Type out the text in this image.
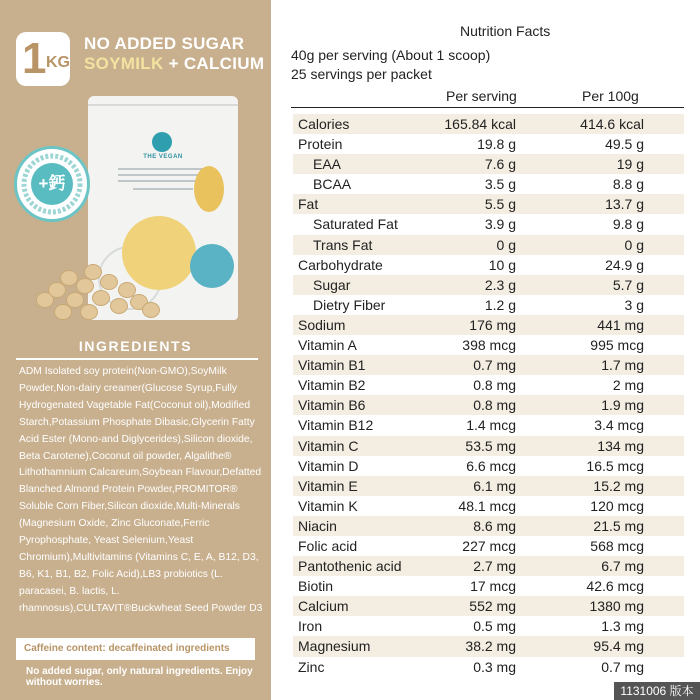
1 KG
NO ADDED SUGAR
SOYMILK + CALCIUM
THE VEGAN
+鈣
INGREDIENTS
ADM Isolated soy protein(Non-GMO),SoyMilk Powder,Non-dairy creamer(Glucose Syrup,Fully Hydrogenated Vagetable Fat(Coconut oil),Modified Starch,Potassium Phosphate Dibasic,Glycerin Fatty Acid Ester (Mono-and Diglycerides),Silicon dioxide, Beta Carotene),Coconut oil powder, Algalithe® Lithothamnium Calcareum,Soybean Flavour,Defatted Blanched Almond Protein Powder,PROMITOR® Soluble Corn Fiber,Silicon dioxide,Multi-Minerals (Magnesium Oxide, Zinc Gluconate,Ferric Pyrophosphate, Yeast Selenium,Yeast Chromium),Multivitamins (Vitamins C, E, A, B12, D3, B6, K1, B1, B2, Folic Acid),LB3 probiotics (L. paracasei, B. lactis, L. rhamnosus),CULTAVIT®Buckwheat Seed Powder D3
Caffeine content: decaffeinated ingredients
No added sugar, only natural ingredients. Enjoy without worries.
Nutrition Facts
40g per serving (About 1 scoop)
25 servings per packet
Per serving	Per 100g
Calories	165.84 kcal	414.6 kcal
Protein	19.8 g	49.5 g
EAA	7.6 g	19 g
BCAA	3.5 g	8.8 g
Fat	5.5 g	13.7 g
Saturated Fat	3.9 g	9.8 g
Trans Fat	0 g	0 g
Carbohydrate	10 g	24.9 g
Sugar	2.3 g	5.7 g
Dietry Fiber	1.2 g	3 g
Sodium	176 mg	441 mg
Vitamin A	398 mcg	995 mcg
Vitamin B1	0.7 mg	1.7 mg
Vitamin B2	0.8 mg	2 mg
Vitamin B6	0.8 mg	1.9 mg
Vitamin B12	1.4 mcg	3.4 mcg
Vitamin C	53.5 mg	134 mg
Vitamin D	6.6 mcg	16.5 mcg
Vitamin E	6.1 mg	15.2 mg
Vitamin K	48.1 mcg	120 mcg
Niacin	8.6 mg	21.5 mg
Folic acid	227 mcg	568 mcg
Pantothenic acid	2.7 mg	6.7 mg
Biotin	17 mcg	42.6 mcg
Calcium	552 mg	1380 mg
Iron	0.5 mg	1.3 mg
Magnesium	38.2 mg	95.4 mg
Zinc	0.3 mg	0.7 mg
1131006 版本
